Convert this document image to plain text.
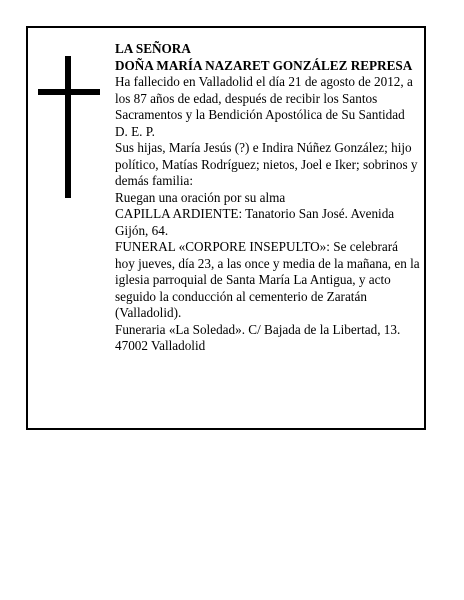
LA SEÑORA

DOÑA MARÍA NAZARET GONZÁLEZ REPRESA

Ha fallecido en Valladolid el día 21 de agosto de 2012, a los 87 años de edad, después de recibir los Santos Sacramentos y la Bendición Apostólica de Su Santidad

D. E. P.

Sus hijas, María Jesús (?) e Indira Núñez González; hijo político, Matías Rodríguez; nietos, Joel e Iker; sobrinos y demás familia:

Ruegan una oración por su alma

CAPILLA ARDIENTE: Tanatorio San José. Avenida Gijón, 64.

FUNERAL «CORPORE INSEPULTO»: Se celebrará hoy jueves, día 23, a las once y media de la mañana, en la iglesia parroquial de Santa María La Antigua, y acto seguido la conducción al cementerio de Zaratán (Valladolid).

Funeraria «La Soledad». C/ Bajada de la Libertad, 13. 47002 Valladolid
